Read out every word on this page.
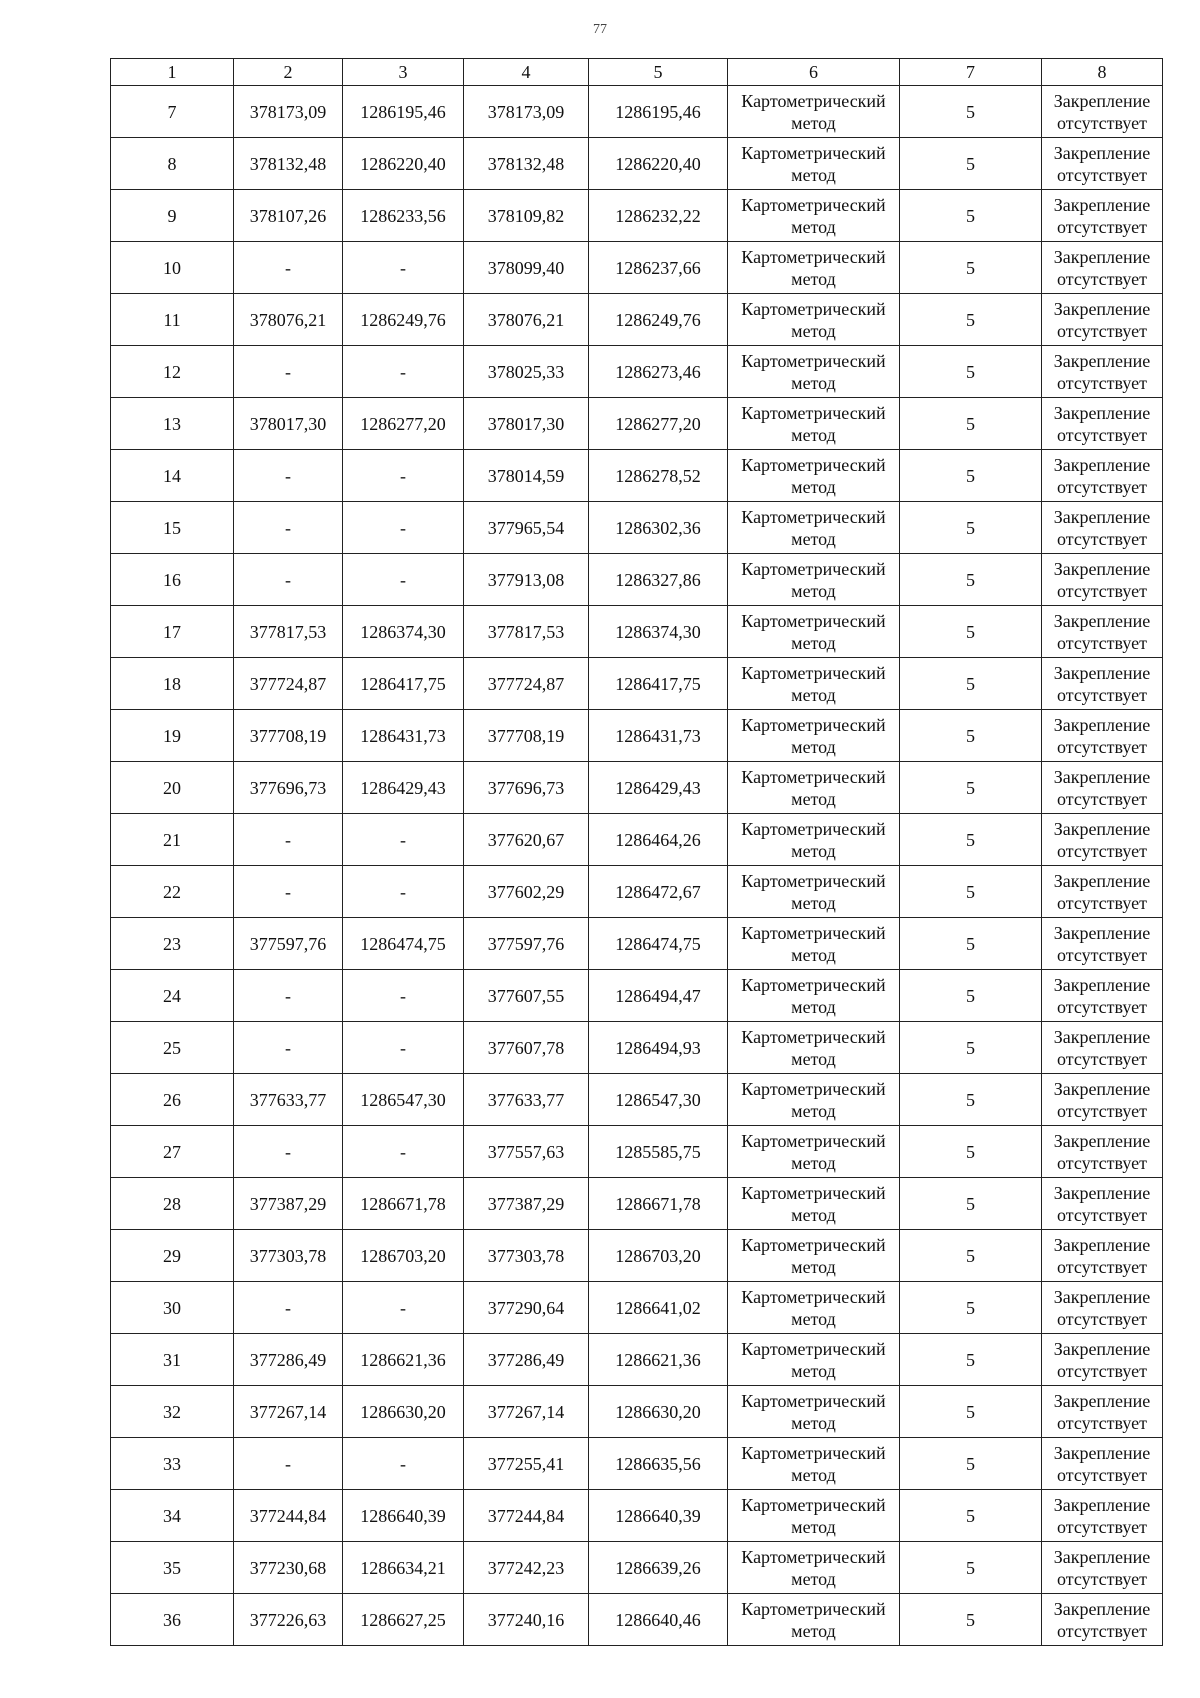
77
1	2	3	4	5	6	7	8
7	378173,09	1286195,46	378173,09	1286195,46	Картометрический метод	5	Закрепление отсутствует
8	378132,48	1286220,40	378132,48	1286220,40	Картометрический метод	5	Закрепление отсутствует
9	378107,26	1286233,56	378109,82	1286232,22	Картометрический метод	5	Закрепление отсутствует
10	-	-	378099,40	1286237,66	Картометрический метод	5	Закрепление отсутствует
11	378076,21	1286249,76	378076,21	1286249,76	Картометрический метод	5	Закрепление отсутствует
12	-	-	378025,33	1286273,46	Картометрический метод	5	Закрепление отсутствует
13	378017,30	1286277,20	378017,30	1286277,20	Картометрический метод	5	Закрепление отсутствует
14	-	-	378014,59	1286278,52	Картометрический метод	5	Закрепление отсутствует
15	-	-	377965,54	1286302,36	Картометрический метод	5	Закрепление отсутствует
16	-	-	377913,08	1286327,86	Картометрический метод	5	Закрепление отсутствует
17	377817,53	1286374,30	377817,53	1286374,30	Картометрический метод	5	Закрепление отсутствует
18	377724,87	1286417,75	377724,87	1286417,75	Картометрический метод	5	Закрепление отсутствует
19	377708,19	1286431,73	377708,19	1286431,73	Картометрический метод	5	Закрепление отсутствует
20	377696,73	1286429,43	377696,73	1286429,43	Картометрический метод	5	Закрепление отсутствует
21	-	-	377620,67	1286464,26	Картометрический метод	5	Закрепление отсутствует
22	-	-	377602,29	1286472,67	Картометрический метод	5	Закрепление отсутствует
23	377597,76	1286474,75	377597,76	1286474,75	Картометрический метод	5	Закрепление отсутствует
24	-	-	377607,55	1286494,47	Картометрический метод	5	Закрепление отсутствует
25	-	-	377607,78	1286494,93	Картометрический метод	5	Закрепление отсутствует
26	377633,77	1286547,30	377633,77	1286547,30	Картометрический метод	5	Закрепление отсутствует
27	-	-	377557,63	1285585,75	Картометрический метод	5	Закрепление отсутствует
28	377387,29	1286671,78	377387,29	1286671,78	Картометрический метод	5	Закрепление отсутствует
29	377303,78	1286703,20	377303,78	1286703,20	Картометрический метод	5	Закрепление отсутствует
30	-	-	377290,64	1286641,02	Картометрический метод	5	Закрепление отсутствует
31	377286,49	1286621,36	377286,49	1286621,36	Картометрический метод	5	Закрепление отсутствует
32	377267,14	1286630,20	377267,14	1286630,20	Картометрический метод	5	Закрепление отсутствует
33	-	-	377255,41	1286635,56	Картометрический метод	5	Закрепление отсутствует
34	377244,84	1286640,39	377244,84	1286640,39	Картометрический метод	5	Закрепление отсутствует
35	377230,68	1286634,21	377242,23	1286639,26	Картометрический метод	5	Закрепление отсутствует
36	377226,63	1286627,25	377240,16	1286640,46	Картометрический метод	5	Закрепление отсутствует
